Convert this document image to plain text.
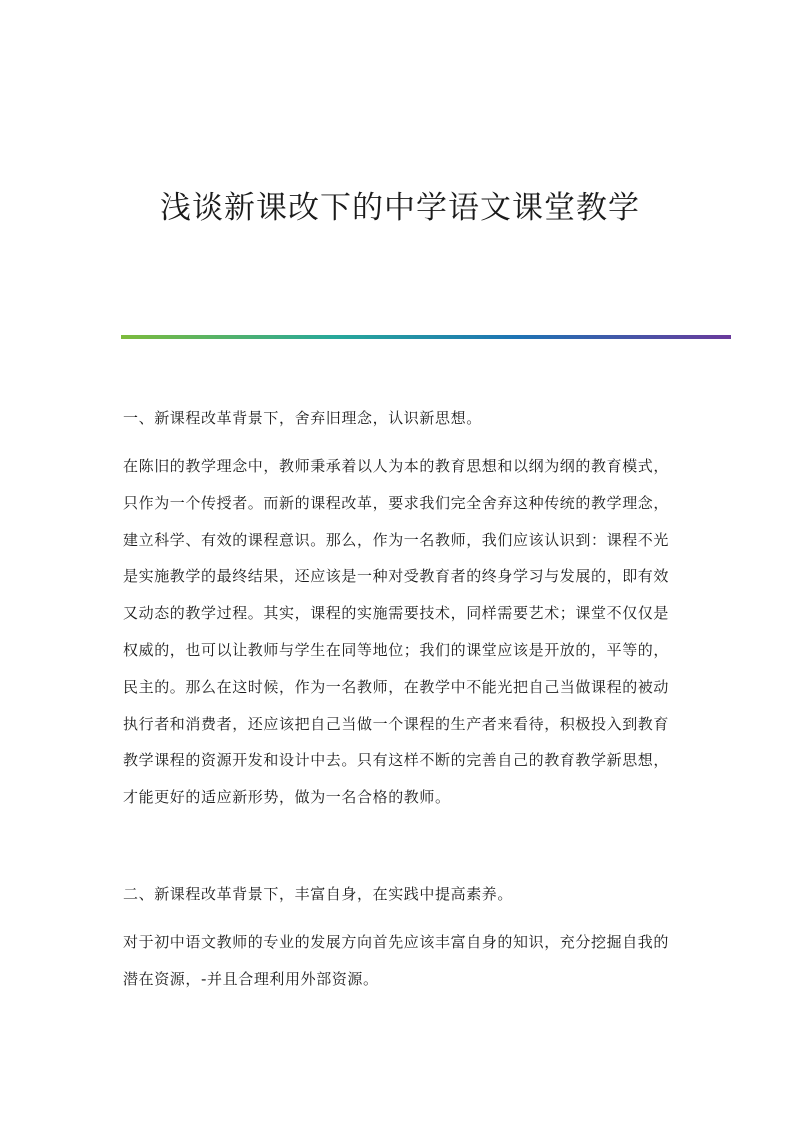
浅谈新课改下的中学语文课堂教学

一、新课程改革背景下，舍弃旧理念，认识新思想。

在陈旧的教学理念中，教师秉承着以人为本的教育思想和以纲为纲的教育模式，只作为一个传授者。而新的课程改革，要求我们完全舍弃这种传统的教学理念，建立科学、有效的课程意识。那么，作为一名教师，我们应该认识到：课程不光是实施教学的最终结果，还应该是一种对受教育者的终身学习与发展的，即有效又动态的教学过程。其实，课程的实施需要技术，同样需要艺术；课堂不仅仅是权威的，也可以让教师与学生在同等地位；我们的课堂应该是开放的，平等的，民主的。那么在这时候，作为一名教师，在教学中不能光把自己当做课程的被动执行者和消费者，还应该把自己当做一个课程的生产者来看待，积极投入到教育教学课程的资源开发和设计中去。只有这样不断的完善自己的教育教学新思想，才能更好的适应新形势，做为一名合格的教师。

二、新课程改革背景下，丰富自身，在实践中提高素养。

对于初中语文教师的专业的发展方向首先应该丰富自身的知识，充分挖掘自我的潜在资源，-并且合理利用外部资源。
